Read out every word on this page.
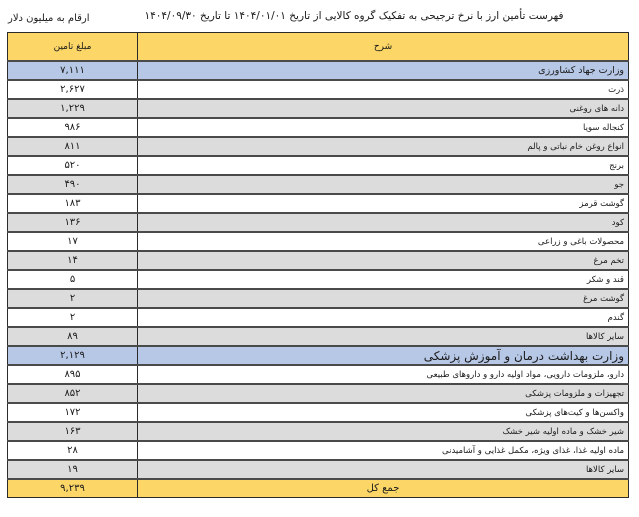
فهرست تأمین ارز با نرخ ترجیحی به تفکیک گروه کالایی از تاریخ ۱۴۰۴/۰۱/۰۱ تا تاریخ ۱۴۰۴/۰۹/۳۰
ارقام به میلیون دلار
مبلغ تامین	شرح
۷,۱۱۱	وزارت جهاد کشاورزی
۲,۶۲۷	ذرت
۱,۲۲۹	دانه های روغنی
۹۸۶	کنجاله سویا
۸۱۱	انواع روغن خام نباتی و پالم
۵۲۰	برنج
۴۹۰	جو
۱۸۳	گوشت قرمز
۱۳۶	کود
۱۷	محصولات باغی و زراعی
۱۴	تخم مرغ
۵	قند و شکر
۲	گوشت مرغ
۲	گندم
۸۹	سایر کالاها
۲,۱۲۹	وزارت بهداشت درمان و آموزش پزشکی
۸۹۵	دارو، ملزومات دارویی، مواد اولیه دارو و داروهای طبیعی
۸۵۲	تجهیزات و ملزومات پزشکی
۱۷۲	واکسن‌ها و کیت‌های پزشکی
۱۶۳	شیر خشک و ماده اولیه شیر خشک
۲۸	ماده اولیه غذا، غذای ویژه، مکمل غذایی و آشامیدنی
۱۹	سایر کالاها
۹,۲۳۹	جمع کل
